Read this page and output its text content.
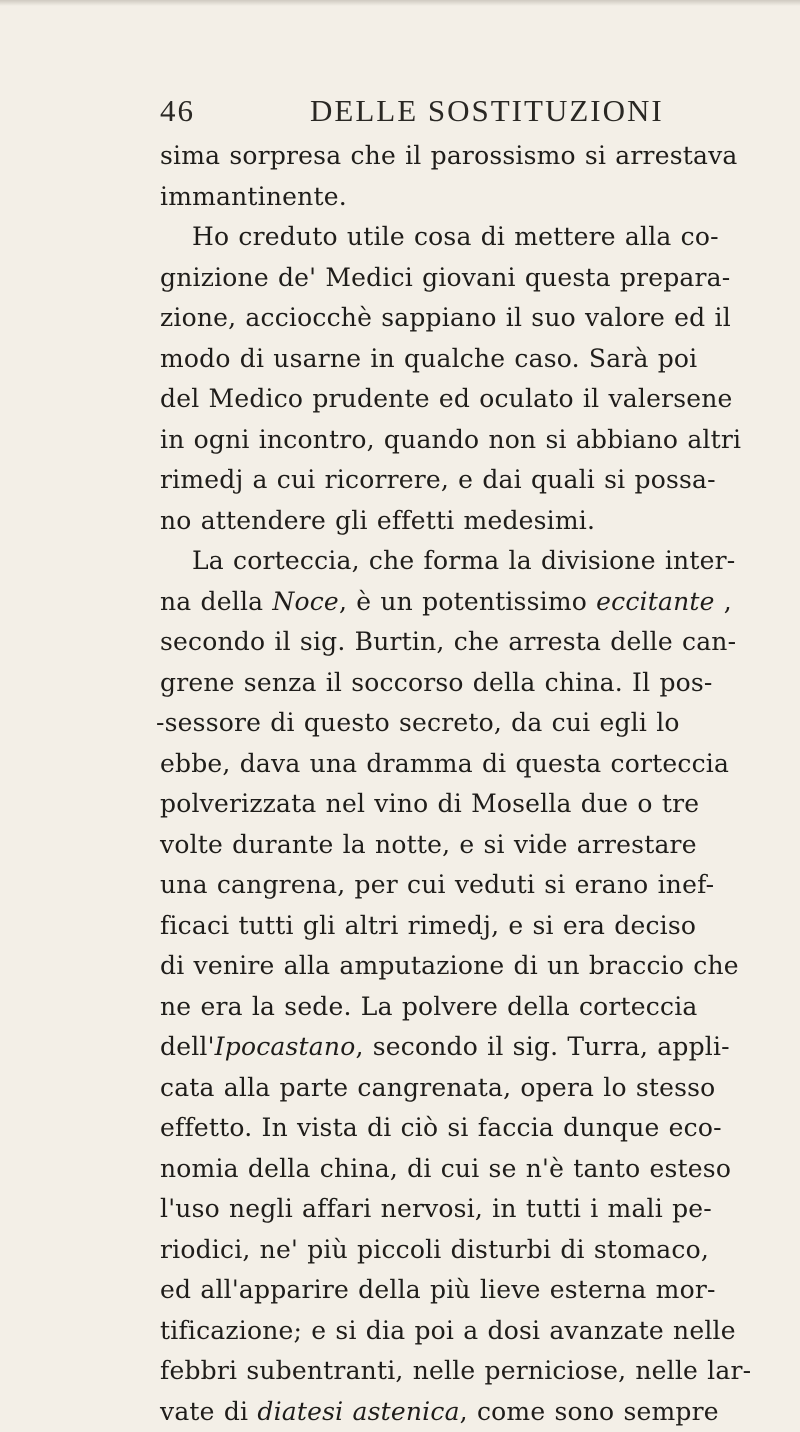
46	DELLE SOSTITUZIONI
sima sorpresa che il parossismo si arrestava
immantinente.
Ho creduto utile cosa di mettere alla co-
gnizione de' Medici giovani questa prepara-
zione, acciocchè sappiano il suo valore ed il
modo di usarne in qualche caso. Sarà poi
del Medico prudente ed oculato il valersene
in ogni incontro, quando non si abbiano altri
rimedj a cui ricorrere, e dai quali si possa-
no attendere gli effetti medesimi.
La corteccia, che forma la divisione inter-
na della Noce, è un potentissimo eccitante ,
secondo il sig. Burtin, che arresta delle can-
grene senza il soccorso della china. Il pos-
-sessore di questo secreto, da cui egli lo
ebbe, dava una dramma di questa corteccia
polverizzata nel vino di Mosella due o tre
volte durante la notte, e si vide arrestare
una cangrena, per cui veduti si erano inef-
ficaci tutti gli altri rimedj, e si era deciso
di venire alla amputazione di un braccio che
ne era la sede. La polvere della corteccia
dell'Ipocastano, secondo il sig. Turra, appli-
cata alla parte cangrenata, opera lo stesso
effetto. In vista di ciò si faccia dunque eco-
nomia della china, di cui se n'è tanto esteso
l'uso negli affari nervosi, in tutti i mali pe-
riodici, ne' più piccoli disturbi di stomaco,
ed all'apparire della più lieve esterna mor-
tificazione; e si dia poi a dosi avanzate nelle
febbri subentranti, nelle perniciose, nelle lar-
vate di diatesi astenica, come sono sempre
